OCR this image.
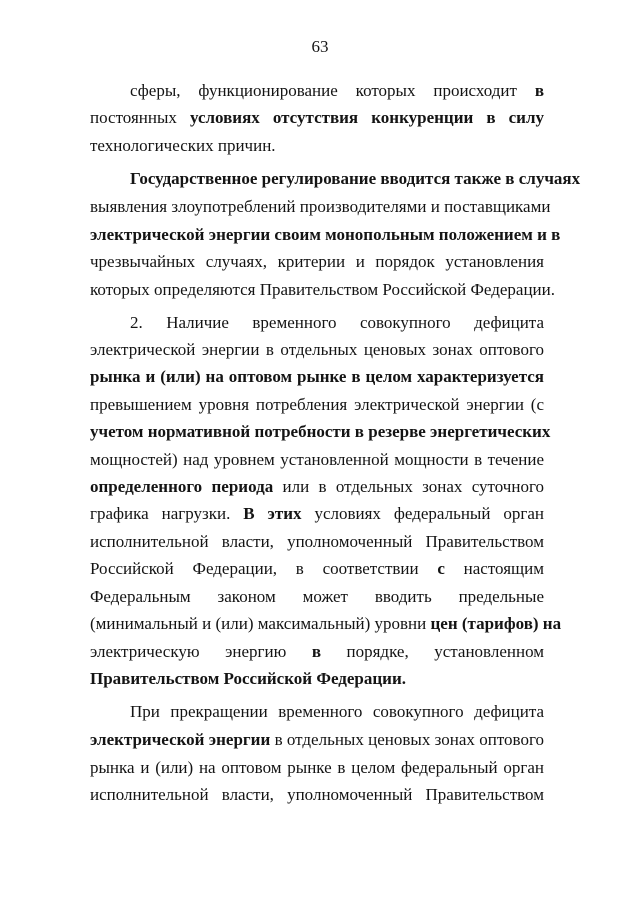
63
сферы, функционирование которых происходит в
постоянных условиях отсутствия конкуренции в силу
технологических причин.
Государственное регулирование вводится также в случаях
выявления злоупотреблений производителями и поставщиками
электрической энергии своим монопольным положением и в
чрезвычайных случаях, критерии и порядок установления
которых определяются Правительством Российской Федерации.
2. Наличие временного совокупного дефицита
электрической энергии в отдельных ценовых зонах оптового
рынка и (или) на оптовом рынке в целом характеризуется
превышением уровня потребления электрической энергии (с
учетом нормативной потребности в резерве энергетических
мощностей) над уровнем установленной мощности в течение
определенного периода или в отдельных зонах суточного
графика нагрузки. В этих условиях федеральный орган
исполнительной власти, уполномоченный Правительством
Российской Федерации, в соответствии с настоящим
Федеральным законом может вводить предельные
(минимальный и (или) максимальный) уровни цен (тарифов) на
электрическую энергию в порядке, установленном
Правительством Российской Федерации.
При прекращении временного совокупного дефицита
электрической энергии в отдельных ценовых зонах оптового
рынка и (или) на оптовом рынке в целом федеральный орган
исполнительной власти, уполномоченный Правительством
